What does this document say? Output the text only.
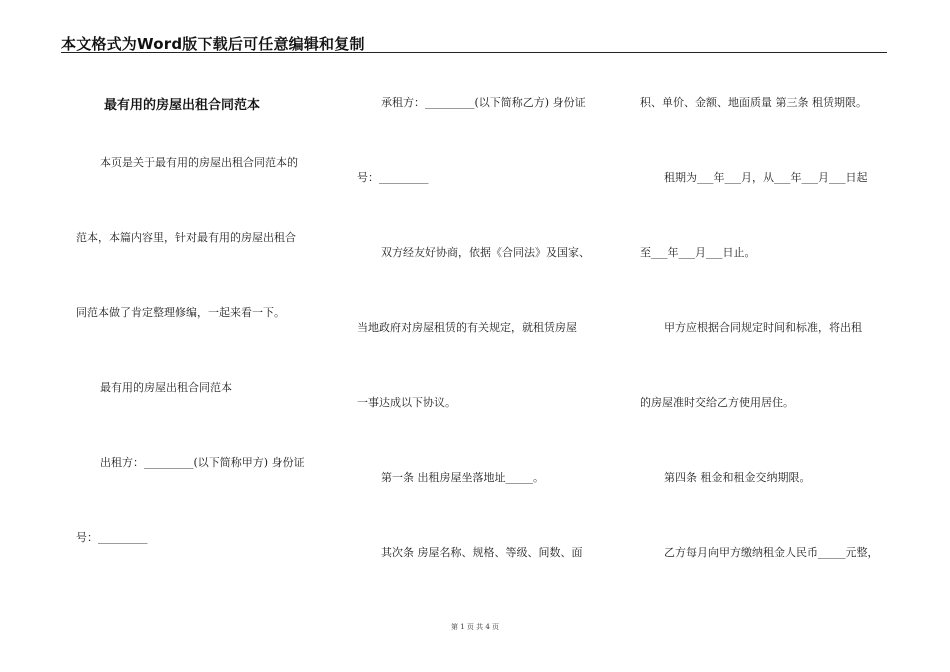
本文格式为Word版下载后可任意编辑和复制
最有用的房屋出租合同范本
本页是关于最有用的房屋出租合同范本的
范本，本篇内容里，针对最有用的房屋出租合
同范本做了肯定整理修编，一起来看一下。
最有用的房屋出租合同范本
出租方：_________(以下简称甲方) 身份证
号：_________
承租方：_________(以下简称乙方) 身份证
号：_________
双方经友好协商，依据《合同法》及国家、
当地政府对房屋租赁的有关规定，就租赁房屋
一事达成以下协议。
第一条 出租房屋坐落地址_____。
其次条 房屋名称、规格、等级、间数、面
积、单价、金额、地面质量 第三条 租赁期限。
租期为___年___月，从___年___月___日起
至___年___月___日止。
甲方应根据合同规定时间和标准，将出租
的房屋准时交给乙方使用居住。
第四条 租金和租金交纳期限。
乙方每月向甲方缴纳租金人民币_____元整，
第 1 页 共 4 页
